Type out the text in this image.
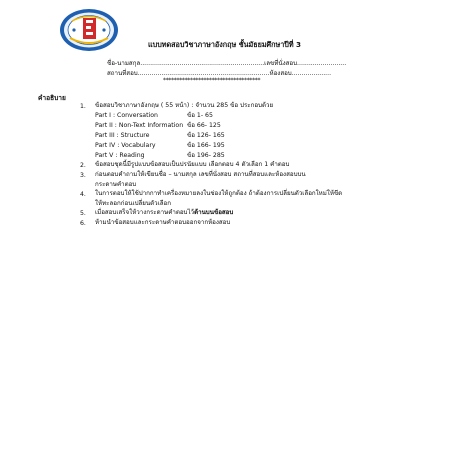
แบบทดสอบวิชาภาษาอังกฤษ ชั้นมัธยมศึกษาปีที่ 3
ชื่อ-นามสกุล...............................................................เลขที่นั่งสอบ.........................
สถานที่สอบ...................................................................ห้องสอบ....................
************************************
คำอธิบาย
1. ข้อสอบวิชาภาษาอังกฤษ ( 55 หน้า) : จำนวน 285 ข้อ ประกอบด้วย
Part I : Conversation	ข้อ 1- 65
Part II : Non-Text Information ข้อ 66- 125
Part III : Structure	ข้อ 126- 165
Part IV : Vocabulary	ข้อ 166- 195
Part V : Reading	ข้อ 196- 285
2. ข้อสอบชุดนี้มีรูปแบบข้อสอบเป็นปรนัยแบบ เลือกตอบ 4 ตัวเลือก 1 คำตอบ
3. ก่อนตอบคำถามให้เขียนชื่อ – นามสกุล เลขที่นั่งสอบ สถานที่สอบและห้องสอบบน
กระดาษคำตอบ
4. ในการตอบให้ใช้ปากกาทำเครื่องหมายลงในช่องให้ถูกต้อง ถ้าต้องการเปลี่ยนตัวเลือกใหม่ให้ขีด
ให้ทะลอกก่อนเปลี่ยนตัวเลือก
5. เมื่อสอบเสร็จให้วางกระดาษคำตอบไว้ด้านบนข้อสอบ
6. ห้ามนำข้อสอบและกระดาษคำตอบออกจากห้องสอบ
